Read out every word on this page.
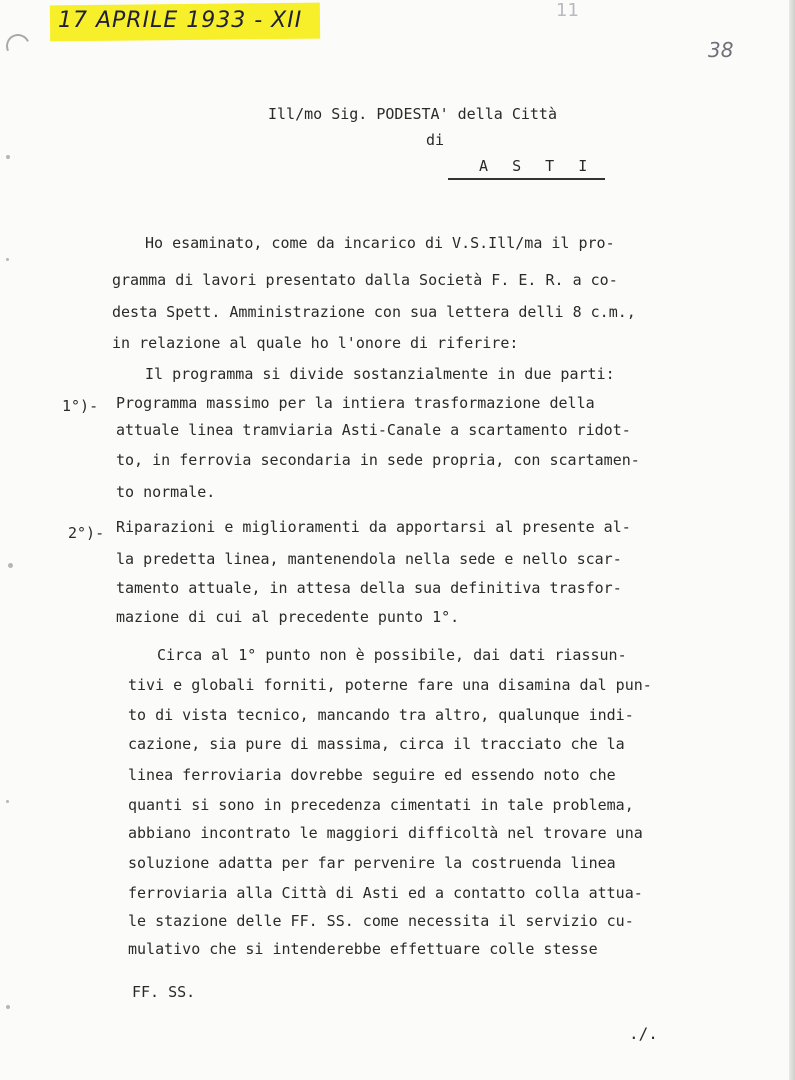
17 APRILE 1933 - XII	11
38
Ill/mo Sig. PODESTA' della Città
di
A  S  T  I
Ho esaminato, come da incarico di V.S.Ill/ma il pro-
gramma di lavori presentato dalla Società F. E. R. a co-
desta Spett. Amministrazione con sua lettera delli 8 c.m.,
in relazione al quale ho l'onore di riferire:
Il programma si divide sostanzialmente in due parti:
1°)- Programma massimo per la intiera trasformazione della
attuale linea tramviaria Asti-Canale a scartamento ridot-
to, in ferrovia secondaria in sede propria, con scartamen-
to normale.
2°)- Riparazioni e miglioramenti da apportarsi al presente al-
la predetta linea, mantenendola nella sede e nello scar-
tamento attuale, in attesa della sua definitiva trasfor-
mazione di cui al precedente punto 1°.
Circa al 1° punto non è possibile, dai dati riassun-
tivi e globali forniti, poterne fare una disamina dal pun-
to di vista tecnico, mancando tra altro, qualunque indi-
cazione, sia pure di massima, circa il tracciato che la
linea ferroviaria dovrebbe seguire ed essendo noto che
quanti si sono in precedenza cimentati in tale problema,
abbiano incontrato le maggiori difficoltà nel trovare una
soluzione adatta per far pervenire la costruenda linea
ferroviaria alla Città di Asti ed a contatto colla attua-
le stazione delle FF. SS. come necessita il servizio cu-
mulativo che si intenderebbe effettuare colle stesse
FF. SS.
./.
